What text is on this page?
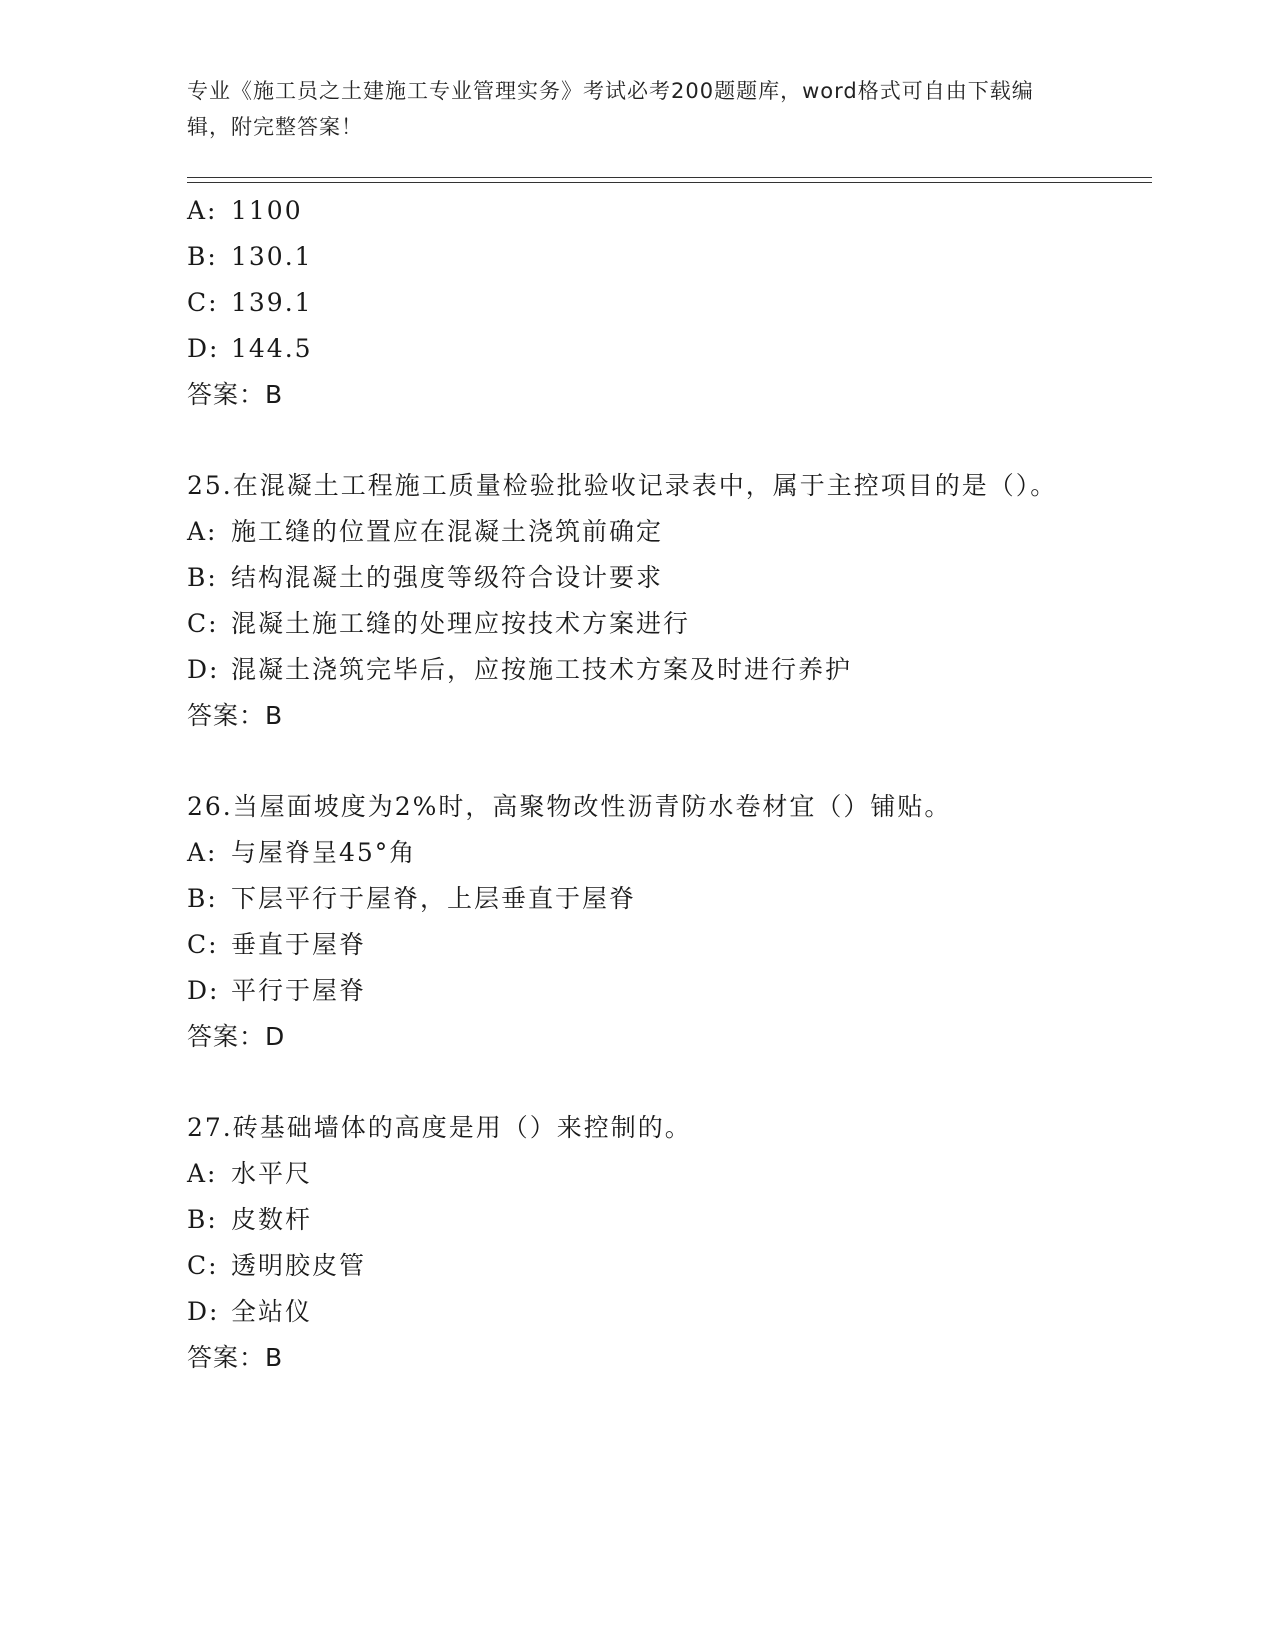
专业《施工员之土建施工专业管理实务》考试必考200题题库，word格式可自由下载编辑，附完整答案！
A: 1100
B: 130.1
C: 139.1
D: 144.5
答案：B
25.在混凝土工程施工质量检验批验收记录表中，属于主控项目的是（）。
A: 施工缝的位置应在混凝土浇筑前确定
B: 结构混凝土的强度等级符合设计要求
C: 混凝土施工缝的处理应按技术方案进行
D: 混凝土浇筑完毕后，应按施工技术方案及时进行养护
答案：B
26.当屋面坡度为2%时，高聚物改性沥青防水卷材宜（）铺贴。
A: 与屋脊呈45°角
B: 下层平行于屋脊，上层垂直于屋脊
C: 垂直于屋脊
D: 平行于屋脊
答案：D
27.砖基础墙体的高度是用（）来控制的。
A: 水平尺
B: 皮数杆
C: 透明胶皮管
D: 全站仪
答案：B
